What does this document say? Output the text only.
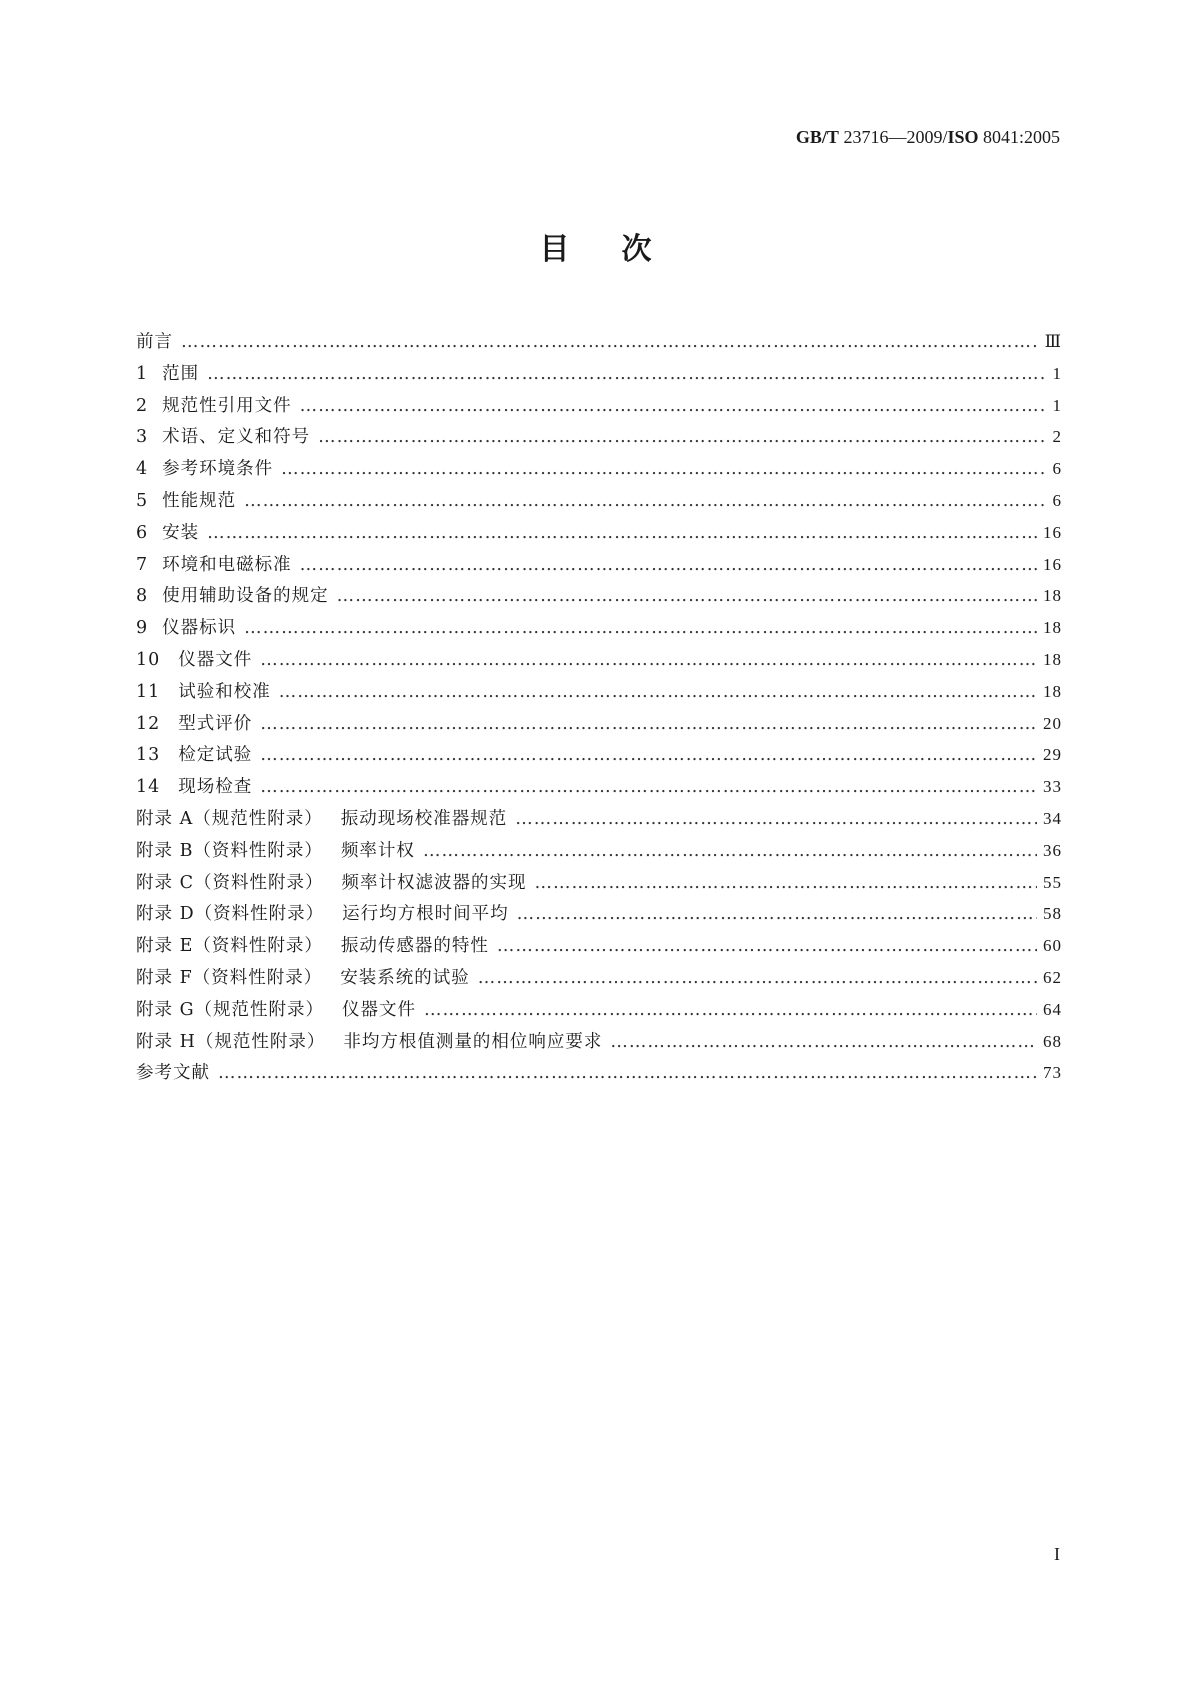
GB/T 23716—2009/ISO 8041:2005
目次
前言 ………………………………………………………………………………………………………………………………………………………………………………	Ⅲ
1 范围 ………………………………………………………………………………………………………………………………………………………………………………	1
2 规范性引用文件 ………………………………………………………………………………………………………………………………………………………………………………	1
3 术语、定义和符号 ………………………………………………………………………………………………………………………………………………………………………………	2
4 参考环境条件 ………………………………………………………………………………………………………………………………………………………………………………	6
5 性能规范 ………………………………………………………………………………………………………………………………………………………………………………	6
6 安装 ………………………………………………………………………………………………………………………………………………………………………………	16
7 环境和电磁标准 ………………………………………………………………………………………………………………………………………………………………………………	16
8 使用辅助设备的规定 ………………………………………………………………………………………………………………………………………………………………………………	18
9 仪器标识 ………………………………………………………………………………………………………………………………………………………………………………	18
10 仪器文件 ………………………………………………………………………………………………………………………………………………………………………………	18
11 试验和校准 ………………………………………………………………………………………………………………………………………………………………………………	18
12 型式评价 ………………………………………………………………………………………………………………………………………………………………………………	20
13 检定试验 ………………………………………………………………………………………………………………………………………………………………………………	29
14 现场检查 ………………………………………………………………………………………………………………………………………………………………………………	33
附录 A（规范性附录） 振动现场校准器规范 ………………………………………………………………………………………………………………………………………………………………………………	34
附录 B（资料性附录） 频率计权 ………………………………………………………………………………………………………………………………………………………………………………	36
附录 C（资料性附录） 频率计权滤波器的实现 ………………………………………………………………………………………………………………………………………………………………………………	55
附录 D（资料性附录） 运行均方根时间平均 ………………………………………………………………………………………………………………………………………………………………………………	58
附录 E（资料性附录） 振动传感器的特性 ………………………………………………………………………………………………………………………………………………………………………………	60
附录 F（资料性附录） 安装系统的试验 ………………………………………………………………………………………………………………………………………………………………………………	62
附录 G（规范性附录） 仪器文件 ………………………………………………………………………………………………………………………………………………………………………………	64
附录 H（规范性附录） 非均方根值测量的相位响应要求 ………………………………………………………………………………………………………………………………………………………………………………	68
参考文献 ………………………………………………………………………………………………………………………………………………………………………………	73
I
